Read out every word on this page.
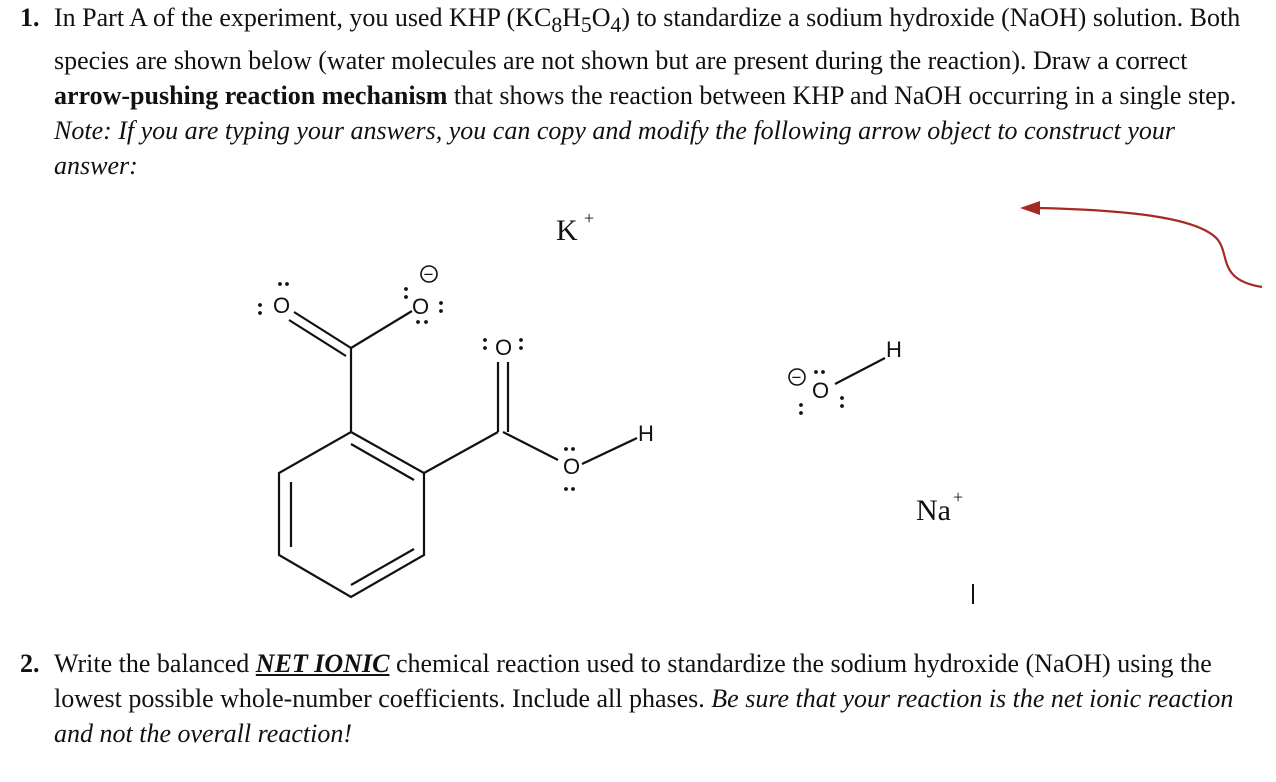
1. In Part A of the experiment, you used KHP $(KC_8H_5O_4)$ to standardize a sodium hydroxide (NaOH) solution. Both species are shown below (water molecules are not shown but are present during the reaction). Draw a correct arrow-pushing reaction mechanism that shows the reaction between KHP and NaOH occurring in a single step. Note: If you are typing your answers, you can copy and modify the following arrow object to construct your answer:
K +
O	O
−
O
O
H
O
H
−
Na +
2. Write the balanced NET IONIC chemical reaction used to standardize the sodium hydroxide (NaOH) using the lowest possible whole-number coefficients. Include all phases. Be sure that your reaction is the net ionic reaction and not the overall reaction!
